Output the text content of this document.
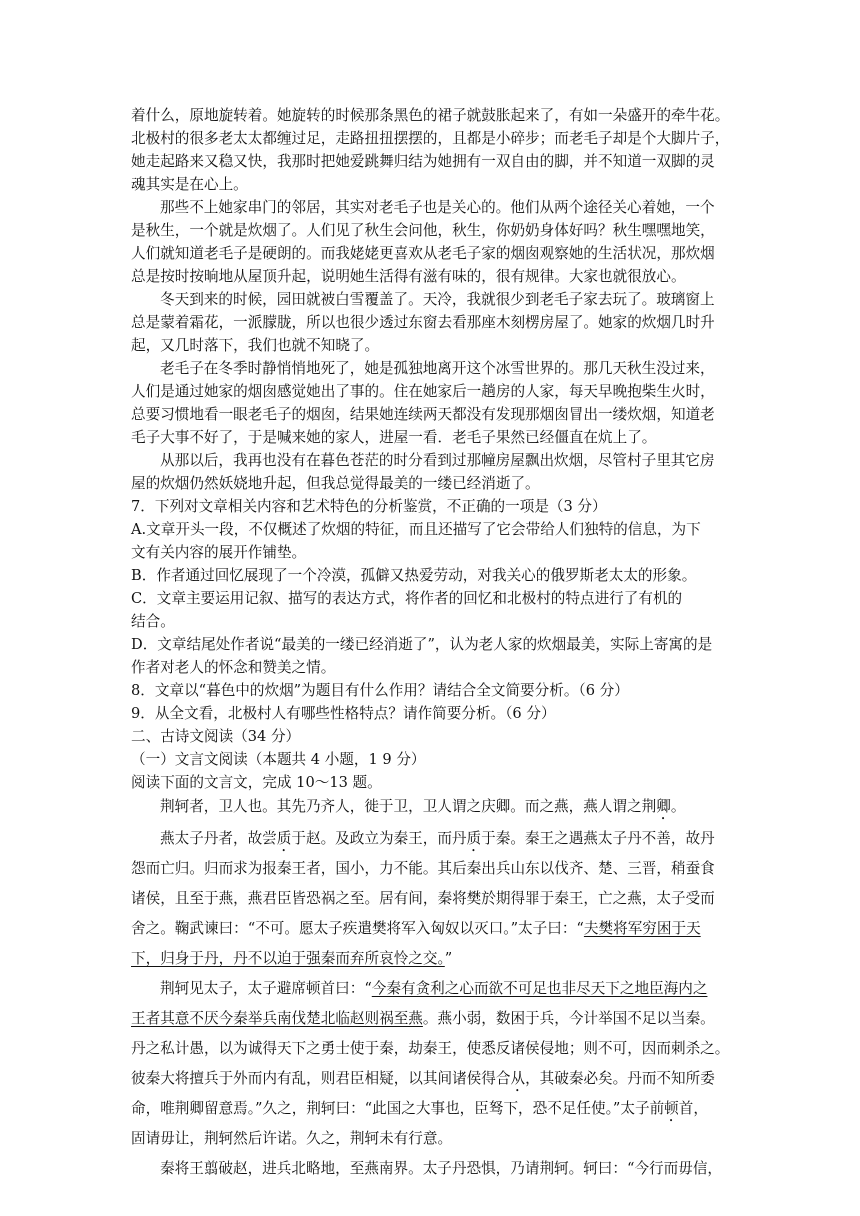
着什么，原地旋转着。她旋转的时候那条黑色的裙子就鼓胀起来了，有如一朵盛开的牵牛花。
北极村的很多老太太都缠过足，走路扭扭摆摆的，且都是小碎步；而老毛子却是个大脚片子，
她走起路来又稳又快，我那时把她爱跳舞归结为她拥有一双自由的脚，并不知道一双脚的灵
魂其实是在心上。
那些不上她家串门的邻居，其实对老毛子也是关心的。他们从两个途径关心着她，一个
是秋生，一个就是炊烟了。人们见了秋生会问他，秋生，你奶奶身体好吗？秋生嘿嘿地笑，
人们就知道老毛子是硬朗的。而我姥姥更喜欢从老毛子家的烟囱观察她的生活状况，那炊烟
总是按时按晌地从屋顶升起，说明她生活得有滋有味的，很有规律。大家也就很放心。
冬天到来的时候，园田就被白雪覆盖了。天冷，我就很少到老毛子家去玩了。玻璃窗上
总是蒙着霜花，一派朦胧，所以也很少透过东窗去看那座木刻楞房屋了。她家的炊烟几时升
起，又几时落下，我们也就不知晓了。
老毛子在冬季时静悄悄地死了，她是孤独地离开这个冰雪世界的。那几天秋生没过来，
人们是通过她家的烟囱感觉她出了事的。住在她家后一趟房的人家，每天早晚抱柴生火时，
总要习惯地看一眼老毛子的烟囱，结果她连续两天都没有发现那烟囱冒出一缕炊烟，知道老
毛子大事不好了，于是喊来她的家人，进屋一看．老毛子果然已经僵直在炕上了。
从那以后，我再也没有在暮色苍茫的时分看到过那幢房屋飘出炊烟，尽管村子里其它房
屋的炊烟仍然妖娆地升起，但我总觉得最美的一缕已经消逝了。
7．下列对文章相关内容和艺术特色的分析鉴赏，不正确的一项是（3 分）
A.文章开头一段，不仅概述了炊烟的特征，而且还描写了它会带给人们独特的信息，为下
文有关内容的展开作铺垫。
B．作者通过回忆展现了一个冷漠，孤僻又热爱劳动，对我关心的俄罗斯老太太的形象。
C．文章主要运用记叙、描写的表达方式，将作者的回忆和北极村的特点进行了有机的
结合。
D．文章结尾处作者说“最美的一缕已经消逝了”，认为老人家的炊烟最美，实际上寄寓的是
作者对老人的怀念和赞美之情。
8．文章以“暮色中的炊烟”为题目有什么作用？请结合全文简要分析。（6 分）
9．从全文看，北极村人有哪些性格特点？请作简要分析。（6 分）
二、古诗文阅读（34 分）
（一）文言文阅读（本题共 4 小题，1 9 分）
阅读下面的文言文，完成 10～13 题。
荆轲者，卫人也。其先乃齐人，徙于卫，卫人谓之庆卿。而之燕，燕人谓之荆卿。
燕太子丹者，故尝质于赵。及政立为秦王，而丹质于秦。秦王之遇燕太子丹不善，故丹
怨而亡归。归而求为报秦王者，国小，力不能。其后秦出兵山东以伐齐、楚、三晋，稍蚕食
诸侯，且至于燕，燕君臣皆恐祸之至。居有间，秦将樊於期得罪于秦王，亡之燕，太子受而
舍之。鞠武谏曰：“不可。愿太子疾遣樊将军入匈奴以灭口。”太子曰：“夫樊将军穷困于天
下，归身于丹，丹不以迫于强秦而弃所哀怜之交。”
荆轲见太子，太子避席顿首曰：“今秦有贪利之心而欲不可足也非尽天下之地臣海内之
王者其意不厌今秦举兵南伐楚北临赵则祸至燕。燕小弱，数困于兵，今计举国不足以当秦。
丹之私计愚，以为诚得天下之勇士使于秦，劫秦王，使悉反诸侯侵地；则不可，因而刺杀之。
彼秦大将擅兵于外而内有乱，则君臣相疑，以其间诸侯得合从，其破秦必矣。丹而不知所委
命，唯荆卿留意焉。”久之，荆轲曰：“此国之大事也，臣驽下，恐不足任使。”太子前顿首，
固请毋让，荆轲然后许诺。久之，荆轲未有行意。
秦将王翦破赵，进兵北略地，至燕南界。太子丹恐惧，乃请荆轲。轲曰：“今行而毋信，
